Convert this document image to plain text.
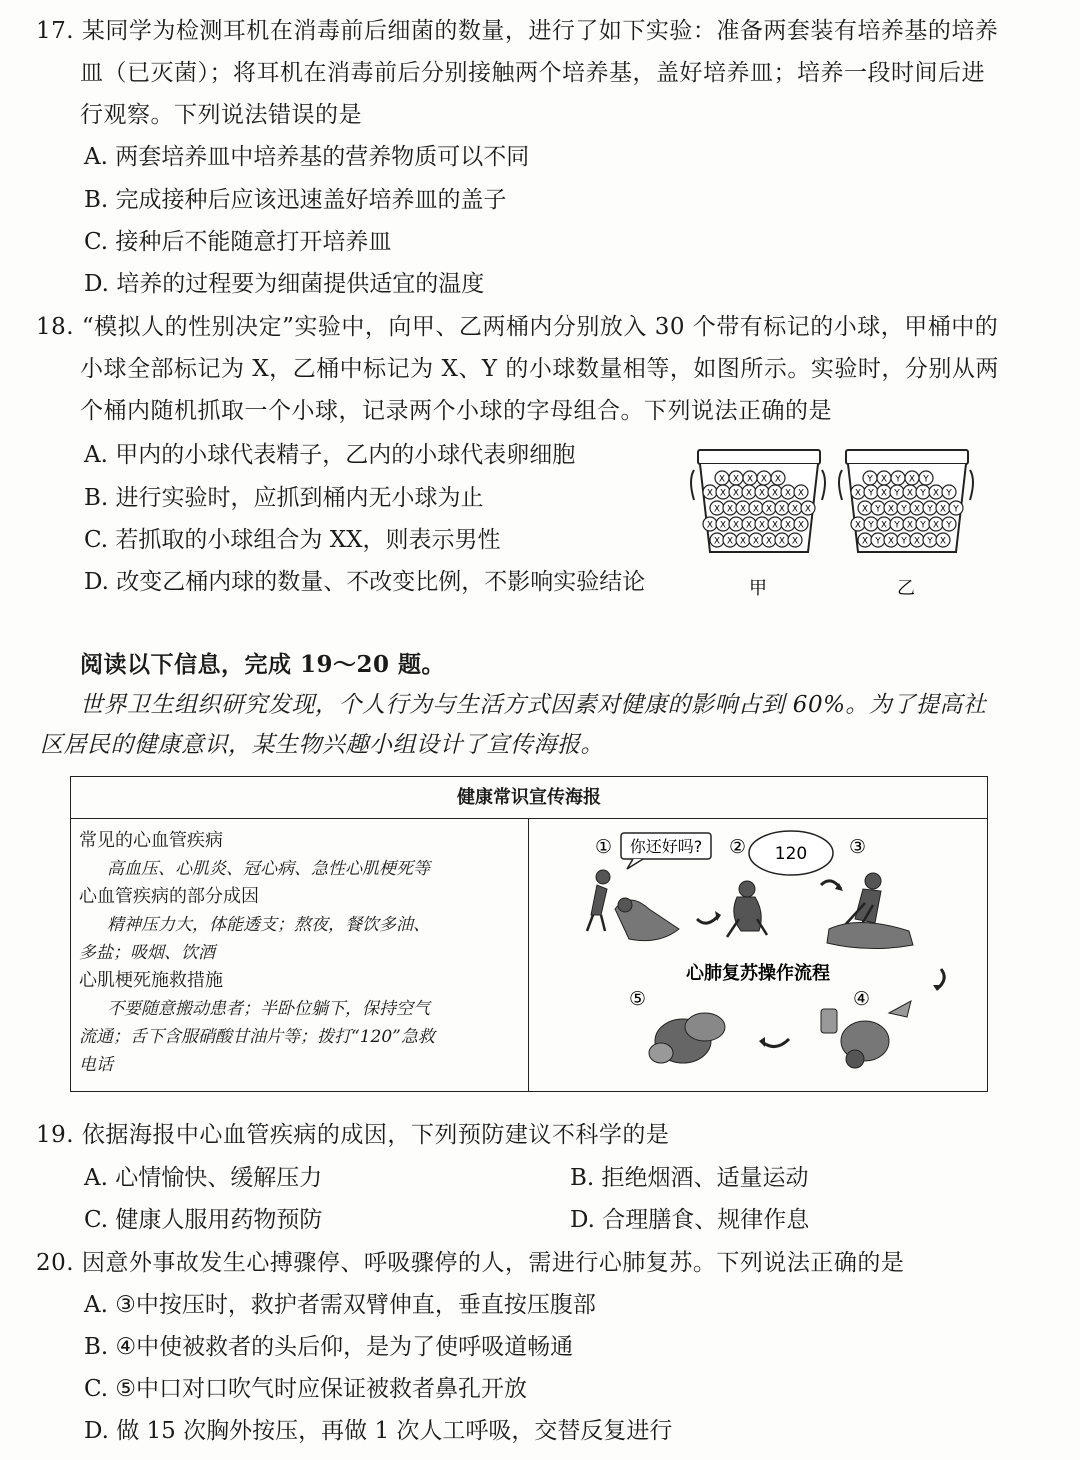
17. 某同学为检测耳机在消毒前后细菌的数量，进行了如下实验：准备两套装有培养基的培养
皿（已灭菌）；将耳机在消毒前后分别接触两个培养基，盖好培养皿；培养一段时间后进
行观察。下列说法错误的是
A. 两套培养皿中培养基的营养物质可以不同
B. 完成接种后应该迅速盖好培养皿的盖子
C. 接种后不能随意打开培养皿
D. 培养的过程要为细菌提供适宜的温度
18. “模拟人的性别决定”实验中，向甲、乙两桶内分别放入 30 个带有标记的小球，甲桶中的
小球全部标记为 X，乙桶中标记为 X、Y 的小球数量相等，如图所示。实验时，分别从两
个桶内随机抓取一个小球，记录两个小球的字母组合。下列说法正确的是
A. 甲内的小球代表精子，乙内的小球代表卵细胞
B. 进行实验时，应抓到桶内无小球为止
C. 若抓取的小球组合为 XX，则表示男性
D. 改变乙桶内球的数量、不改变比例，不影响实验结论
X X X X X
X X X X X X X X
X X X X X X X X
X X X X X X X X
X X X X X X X
Y X Y X Y
X Y X Y X Y X Y
X Y X Y X Y X Y
X Y X Y X Y X Y
X Y X Y X Y X
甲	乙
阅读以下信息，完成 19～20 题。
世界卫生组织研究发现，个人行为与生活方式因素对健康的影响占到 60%。为了提高社
区居民的健康意识，某生物兴趣小组设计了宣传海报。
健康常识宣传海报
常见的心血管疾病
高血压、心肌炎、冠心病、急性心肌梗死等
心血管疾病的部分成因
精神压力大，体能透支；熬夜，餐饮多油、
多盐；吸烟、饮酒
心肌梗死施救措施
不要随意搬动患者；半卧位躺下，保持空气
流通；舌下含服硝酸甘油片等；拨打“120”急救
电话
①	②	③
④
⑤
你还好吗?	120
心肺复苏操作流程
19. 依据海报中心血管疾病的成因，下列预防建议不科学的是
A. 心情愉快、缓解压力	B. 拒绝烟酒、适量运动
C. 健康人服用药物预防	D. 合理膳食、规律作息
20. 因意外事故发生心搏骤停、呼吸骤停的人，需进行心肺复苏。下列说法正确的是
A. ③中按压时，救护者需双臂伸直，垂直按压腹部
B. ④中使被救者的头后仰，是为了使呼吸道畅通
C. ⑤中口对口吹气时应保证被救者鼻孔开放
D. 做 15 次胸外按压，再做 1 次人工呼吸，交替反复进行
